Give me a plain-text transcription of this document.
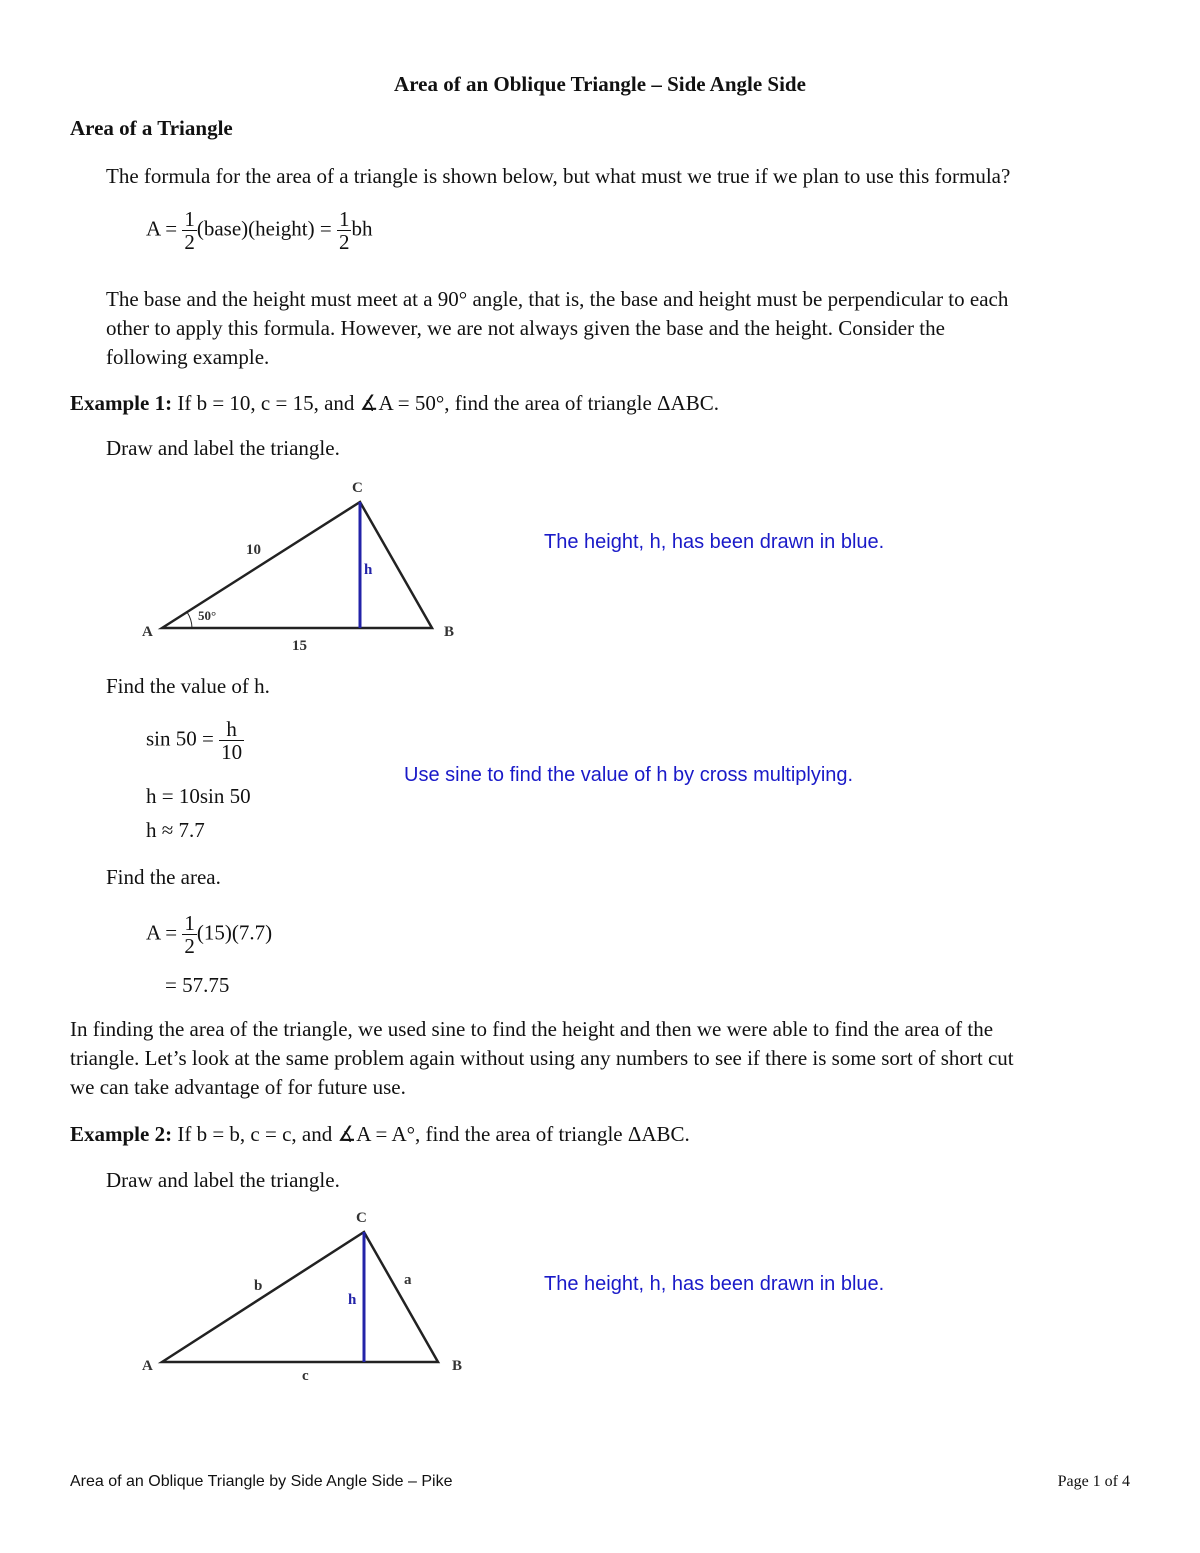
Area of an Oblique Triangle – Side Angle Side
Area of a Triangle
The formula for the area of a triangle is shown below, but what must we true if we plan to use this formula?
$A = \frac{1}{2}$ (base)(height) = $\frac{1}{2}$ bh
The base and the height must meet at a 90° angle, that is, the base and height must be perpendicular to each
other to apply this formula. However, we are not always given the base and the height. Consider the
following example.
Example 1: If b = 10, c = 15, and ∡A = 50°, find the area of triangle ΔABC.
Draw and label the triangle.
C
A	B
10
15
h
50°
The height, h, has been drawn in blue.
Find the value of h.
$\sin 50 = \frac{h}{10}$
h = 10sin 50
h ≈ 7.7
Use sine to find the value of h by cross multiplying.
Find the area.
$A = \frac{1}{2} (15)(7.7)$
= 57.75
In finding the area of the triangle, we used sine to find the height and then we were able to find the area of the
triangle. Let’s look at the same problem again without using any numbers to see if there is some sort of short cut
we can take advantage of for future use.
Example 2: If b = b, c = c, and ∡A = A°, find the area of triangle ΔABC.
Draw and label the triangle.
C
A	B
b
c
a
h
The height, h, has been drawn in blue.
Area of an Oblique Triangle by Side Angle Side – Pike	Page 1 of 4
